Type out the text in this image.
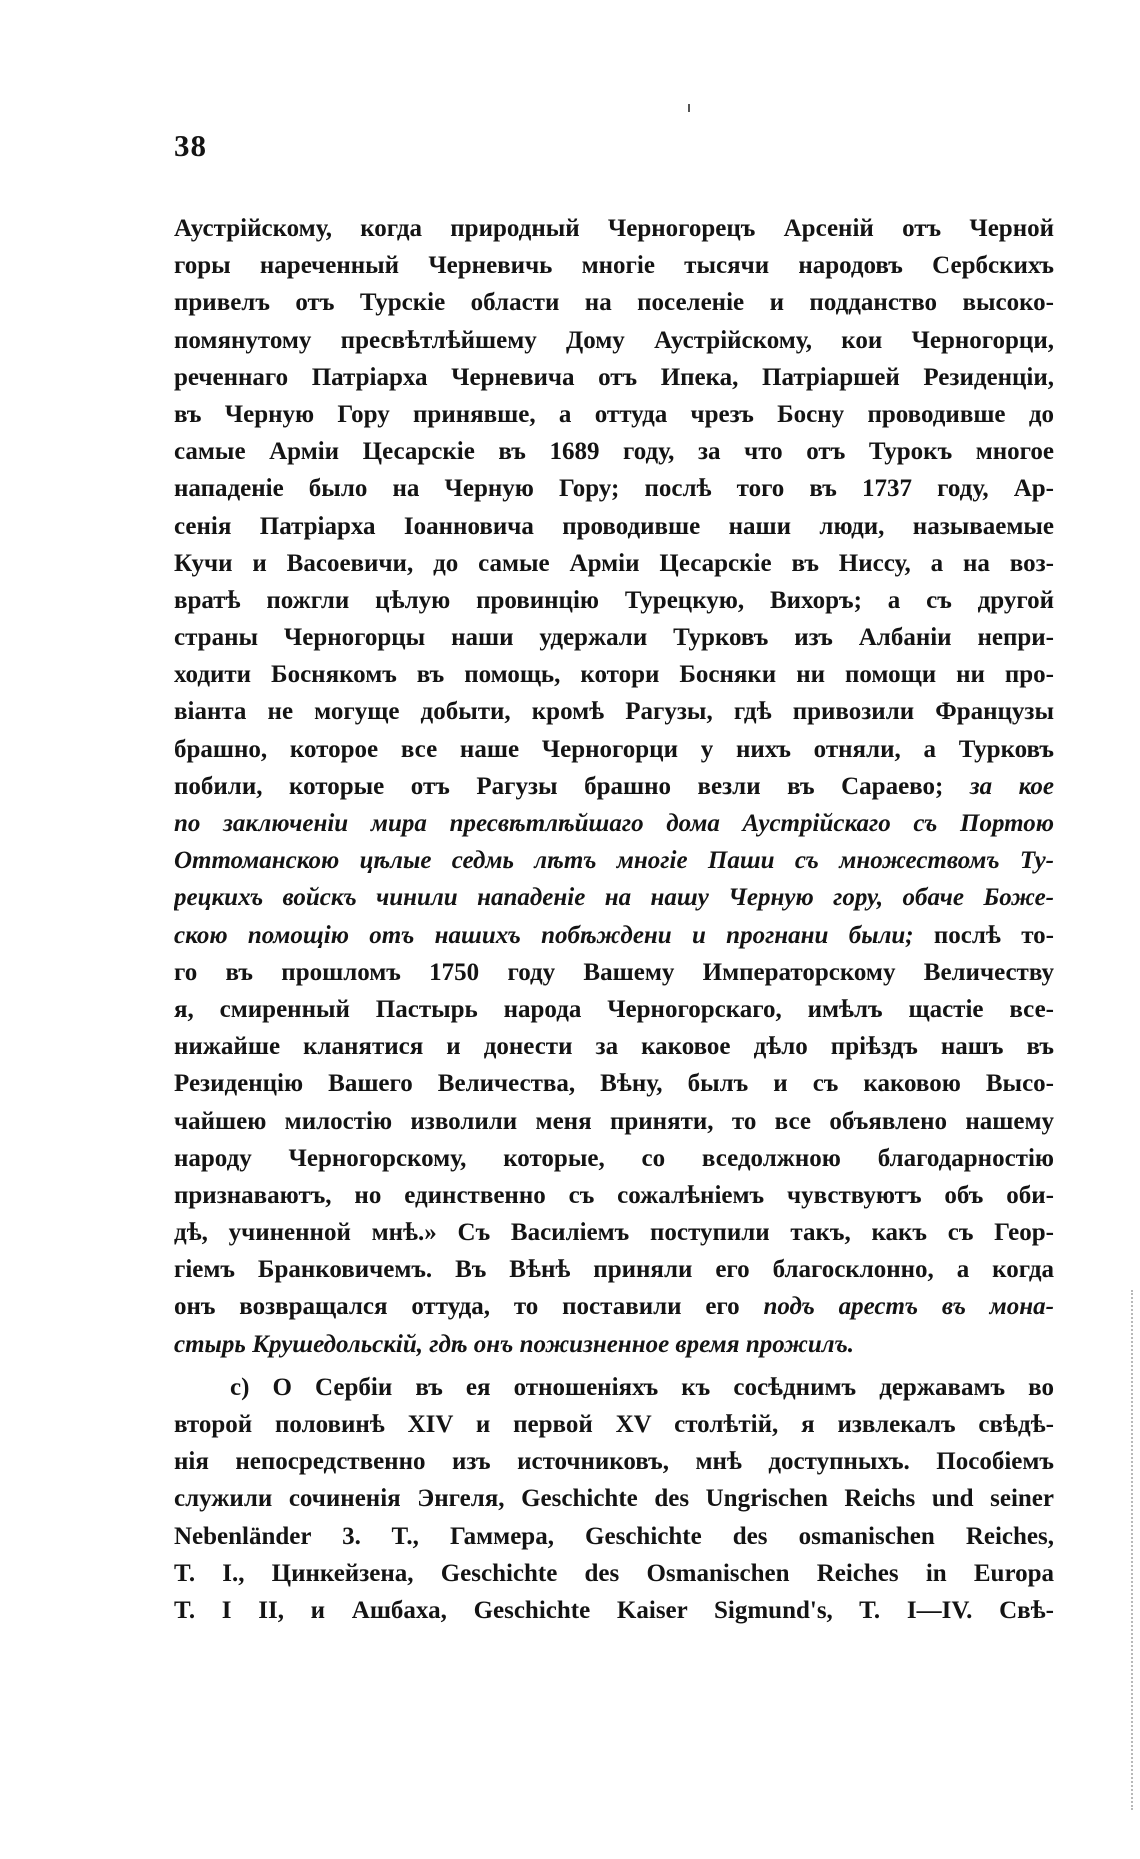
38
Аустрійскому, когда природный Черногорецъ Арсеній отъ Черной
горы нареченный Черневичь многіе тысячи народовъ Сербскихъ
привелъ отъ Турскіе области на поселеніе и подданство высоко-
помянутому пресвѣтлѣйшему Дому Аустрійскому, кои Черногорци,
реченнаго Патріарха Черневича отъ Ипека, Патріаршей Резиденціи,
въ Черную Гору принявше, а оттуда чрезъ Босну проводивше до
самые Арміи Цесарскіе въ 1689 году, за что отъ Турокъ многое
нападеніе было на Черную Гору; послѣ того въ 1737 году, Ар-
сенія Патріарха Іоанновича проводивше наши люди, называемые
Кучи и Васоевичи, до самые Арміи Цесарскіе въ Ниссу, а на воз-
вратѣ пожгли цѣлую провинцію Турецкую, Вихоръ; а съ другой
страны Черногорцы наши удержали Турковъ изъ Албаніи непри-
ходити Боснякомъ въ помощь, котори Босняки ни помощи ни про-
віанта не могуще добыти, кромѣ Рагузы, гдѣ привозили Французы
брашно, которое все наше Черногорци у нихъ отняли, а Турковъ
побили, которые отъ Рагузы брашно везли въ Сараево; за кое
по заключеніи мира пресвѣтлѣйшаго дома Аустрійскаго съ Портою
Оттоманскою цѣлые седмь лѣтъ многіе Паши съ множествомъ Ту-
рецкихъ войскъ чинили нападеніе на нашу Черную гору, обаче Боже-
скою помощію отъ нашихъ побѣждени и прогнани были; послѣ то-
го въ прошломъ 1750 году Вашему Императорскому Величеству
я, смиренный Пастырь народа Черногорскаго, имѣлъ щастіе все-
нижайше кланятися и донести за каковое дѣло пріѣздъ нашъ въ
Резиденцію Вашего Величества, Вѣну, былъ и съ каковою Высо-
чайшею милостію изволили меня приняти, то все объявлено нашему
народу Черногорскому, которые, со вседолжною благодарностію
признаваютъ, но единственно съ сожалѣніемъ чувствуютъ объ оби-
дѣ, учиненной мнѣ.» Съ Василіемъ поступили такъ, какъ съ Геор-
гіемъ Бранковичемъ. Въ Вѣнѣ приняли его благосклонно, а когда
онъ возвращался оттуда, то поставили его подъ арестъ въ мона-
стырь Крушедольскій, гдѣ онъ пожизненное время прожилъ.
с) О Сербіи въ ея отношеніяхъ къ сосѣднимъ державамъ во
второй половинѣ XIV и первой XV столѣтій, я извлекалъ свѣдѣ-
нія непосредственно изъ источниковъ, мнѣ доступныхъ. Пособіемъ
служили сочиненія Энгеля, Geschichte des Ungrischen Reichs und seiner
Nebenländer 3. T., Гаммера, Geschichte des osmanischen Reiches,
T. I., Цинкейзена, Geschichte des Osmanischen Reiches in Europa
T. I II, и Ашбаха, Geschichte Kaiser Sigmund's, T. I—IV. Свѣ-
